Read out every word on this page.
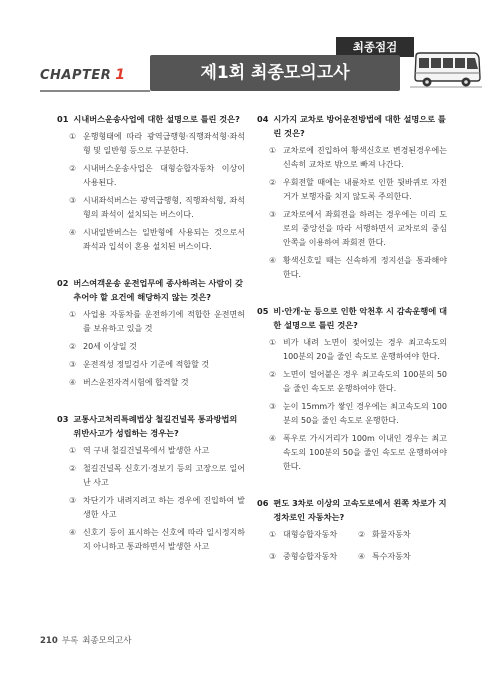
최종점검
제1회 최종모의고사
CHAPTER 1
01 시내버스운송사업에 대한 설명으로 틀린 것은?
① 운행형태에 따라 광역급행형·직행좌석형·좌석형 및 일반형 등으로 구분한다.
② 시내버스운송사업은 대형승합자동차 이상이 사용된다.
③ 시내좌석버스는 광역급행형, 직행좌석형, 좌석형의 좌석이 설치되는 버스이다.
④ 시내일반버스는 일반형에 사용되는 것으로서 좌석과 입석이 혼용 설치된 버스이다.
02 버스여객운송 운전업무에 종사하려는 사람이 갖추어야 할 요건에 해당하지 않는 것은?
① 사업용 자동차를 운전하기에 적합한 운전면허를 보유하고 있을 것
② 20세 이상일 것
③ 운전적성 정밀검사 기준에 적합할 것
④ 버스운전자격시험에 합격할 것
03 교통사고처리특례법상 철길건널목 통과방법의 위반사고가 성립하는 경우는?
① 역 구내 철길건널목에서 발생한 사고
② 철길건널목 신호기·경보기 등의 고장으로 일어난 사고
③ 차단기가 내려지려고 하는 경우에 진입하여 발생한 사고
④ 신호기 등이 표시하는 신호에 따라 일시정지하지 아니하고 통과하면서 발생한 사고
04 시가지 교차로 방어운전방법에 대한 설명으로 틀린 것은?
① 교차로에 진입하여 황색신호로 변경된경우에는 신속히 교차로 밖으로 빠져 나간다.
② 우회전할 때에는 내륜차로 인한 뒷바퀴로 자전거가 보행자를 치지 않도록 주의한다.
③ 교차로에서 좌회전을 하려는 경우에는 미리 도로의 중앙선을 따라 서행하면서 교차로의 중심 안쪽을 이용하여 좌회전 한다.
④ 황색신호일 때는 신속하게 정지선을 통과해야 한다.
05 비·안개·눈 등으로 인한 악천후 시 감속운행에 대한 설명으로 틀린 것은?
① 비가 내려 노면이 젖어있는 경우 최고속도의 100분의 20을 줄인 속도로 운행하여야 한다.
② 노면이 얼어붙은 경우 최고속도의 100분의 50을 줄인 속도로 운행하여야 한다.
③ 눈이 15mm가 쌓인 경우에는 최고속도의 100분의 50을 줄인 속도로 운행한다.
④ 폭우로 가시거리가 100m 이내인 경우는 최고속도의 100분의 50을 줄인 속도로 운행하여야 한다.
06 편도 3차로 이상의 고속도로에서 왼쪽 차로가 지정차로인 자동차는?
① 대형승합자동차	② 화물자동차
③ 중형승합자동차	④ 특수자동차
210 부록 최종모의고사
